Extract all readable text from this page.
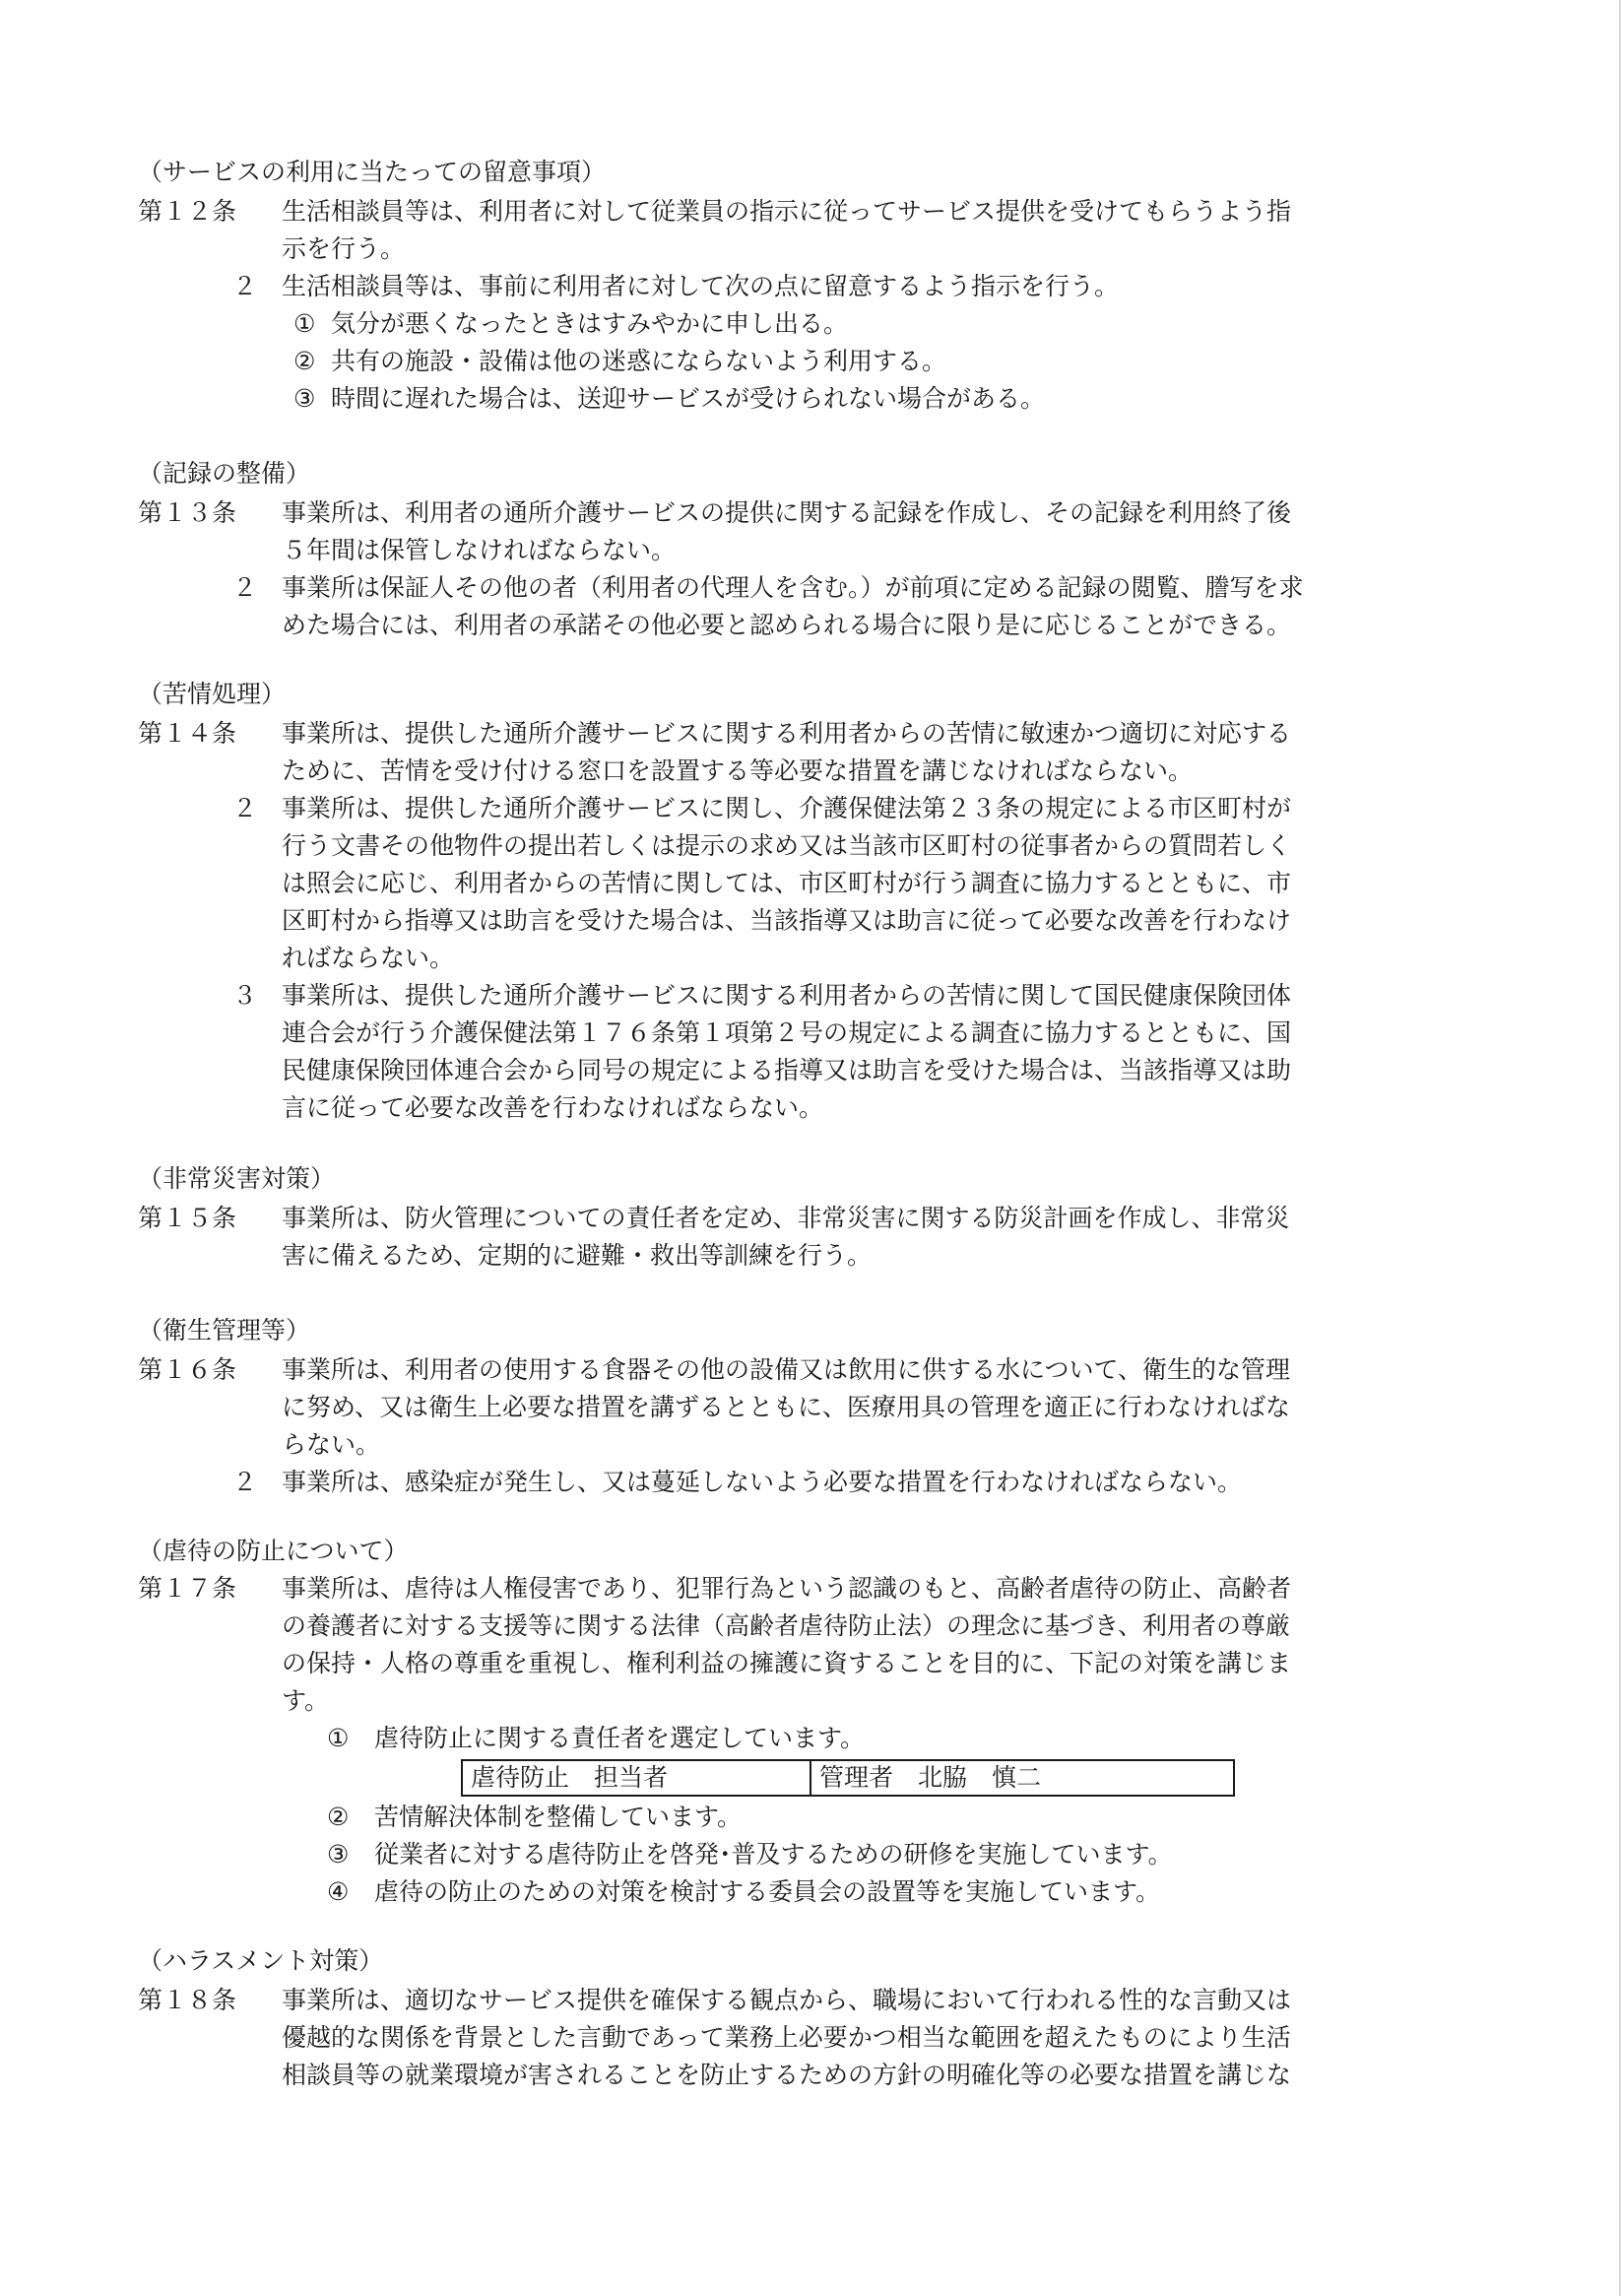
（サービスの利用に当たっての留意事項）
第１２条 生活相談員等は、利用者に対して従業員の指示に従ってサービス提供を受けてもらうよう指
示を行う。
２ 生活相談員等は、事前に利用者に対して次の点に留意するよう指示を行う。
① 気分が悪くなったときはすみやかに申し出る。
② 共有の施設・設備は他の迷惑にならないよう利用する。
③ 時間に遅れた場合は、送迎サービスが受けられない場合がある。
（記録の整備）
第１３条 事業所は、利用者の通所介護サービスの提供に関する記録を作成し、その記録を利用終了後
５年間は保管しなければならない。
２ 事業所は保証人その他の者（利用者の代理人を含む。）が前項に定める記録の閲覧、謄写を求
めた場合には、利用者の承諾その他必要と認められる場合に限り是に応じることができる。
（苦情処理）
第１４条 事業所は、提供した通所介護サービスに関する利用者からの苦情に敏速かつ適切に対応する
ために、苦情を受け付ける窓口を設置する等必要な措置を講じなければならない。
２ 事業所は、提供した通所介護サービスに関し、介護保健法第２３条の規定による市区町村が
行う文書その他物件の提出若しくは提示の求め又は当該市区町村の従事者からの質問若しく
は照会に応じ、利用者からの苦情に関しては、市区町村が行う調査に協力するとともに、市
区町村から指導又は助言を受けた場合は、当該指導又は助言に従って必要な改善を行わなけ
ればならない。
３ 事業所は、提供した通所介護サービスに関する利用者からの苦情に関して国民健康保険団体
連合会が行う介護保健法第１７６条第１項第２号の規定による調査に協力するとともに、国
民健康保険団体連合会から同号の規定による指導又は助言を受けた場合は、当該指導又は助
言に従って必要な改善を行わなければならない。
（非常災害対策）
第１５条 事業所は、防火管理についての責任者を定め、非常災害に関する防災計画を作成し、非常災
害に備えるため、定期的に避難・救出等訓練を行う。
（衛生管理等）
第１６条 事業所は、利用者の使用する食器その他の設備又は飲用に供する水について、衛生的な管理
に努め、又は衛生上必要な措置を講ずるとともに、医療用具の管理を適正に行わなければな
らない。
２ 事業所は、感染症が発生し、又は蔓延しないよう必要な措置を行わなければならない。
（虐待の防止について）
第１７条 事業所は、虐待は人権侵害であり、犯罪行為という認識のもと、高齢者虐待の防止、高齢者
の養護者に対する支援等に関する法律（高齢者虐待防止法）の理念に基づき、利用者の尊厳
の保持・人格の尊重を重視し、権利利益の擁護に資することを目的に、下記の対策を講じま
す。
① 虐待防止に関する責任者を選定しています。
虐待防止　担当者	管理者　北脇　慎二
② 苦情解決体制を整備しています。
③ 従業者に対する虐待防止を啓発･普及するための研修を実施しています。
④ 虐待の防止のための対策を検討する委員会の設置等を実施しています。
（ハラスメント対策）
第１８条 事業所は、適切なサービス提供を確保する観点から、職場において行われる性的な言動又は
優越的な関係を背景とした言動であって業務上必要かつ相当な範囲を超えたものにより生活
相談員等の就業環境が害されることを防止するための方針の明確化等の必要な措置を講じな
